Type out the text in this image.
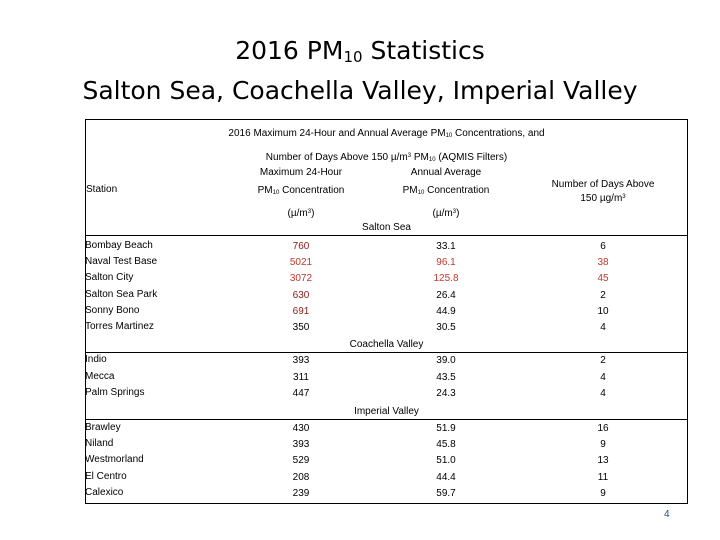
2016 $PM_{10}$ Statistics
Salton Sea, Coachella Valley, Imperial Valley
2016 Maximum 24-Hour and Annual Average $PM_{10}$ Concentrations, and
Number of Days Above 150 $\mu/m^3$ $PM_{10}$ (AQMIS Filters)
Station
Maximum 24-Hour
$PM_{10}$ Concentration
$(\mu/m^3)$
Annual Average
$PM_{10}$ Concentration
$(\mu/m^3)$
Number of Days Above
150 $\mu g/m^3$
Salton Sea
Bombay Beach	760	33.1	6
Naval Test Base	5021	96.1	38
Salton City	3072	125.8	45
Salton Sea Park	630	26.4	2
Sonny Bono	691	44.9	10
Torres Martinez	350	30.5	4
Coachella Valley
Indio	393	39.0	2
Mecca	311	43.5	4
Palm Springs	447	24.3	4
Imperial Valley
Brawley	430	51.9	16
Niland	393	45.8	9
Westmorland	529	51.0	13
El Centro	208	44.4	11
Calexico	239	59.7	9
4
